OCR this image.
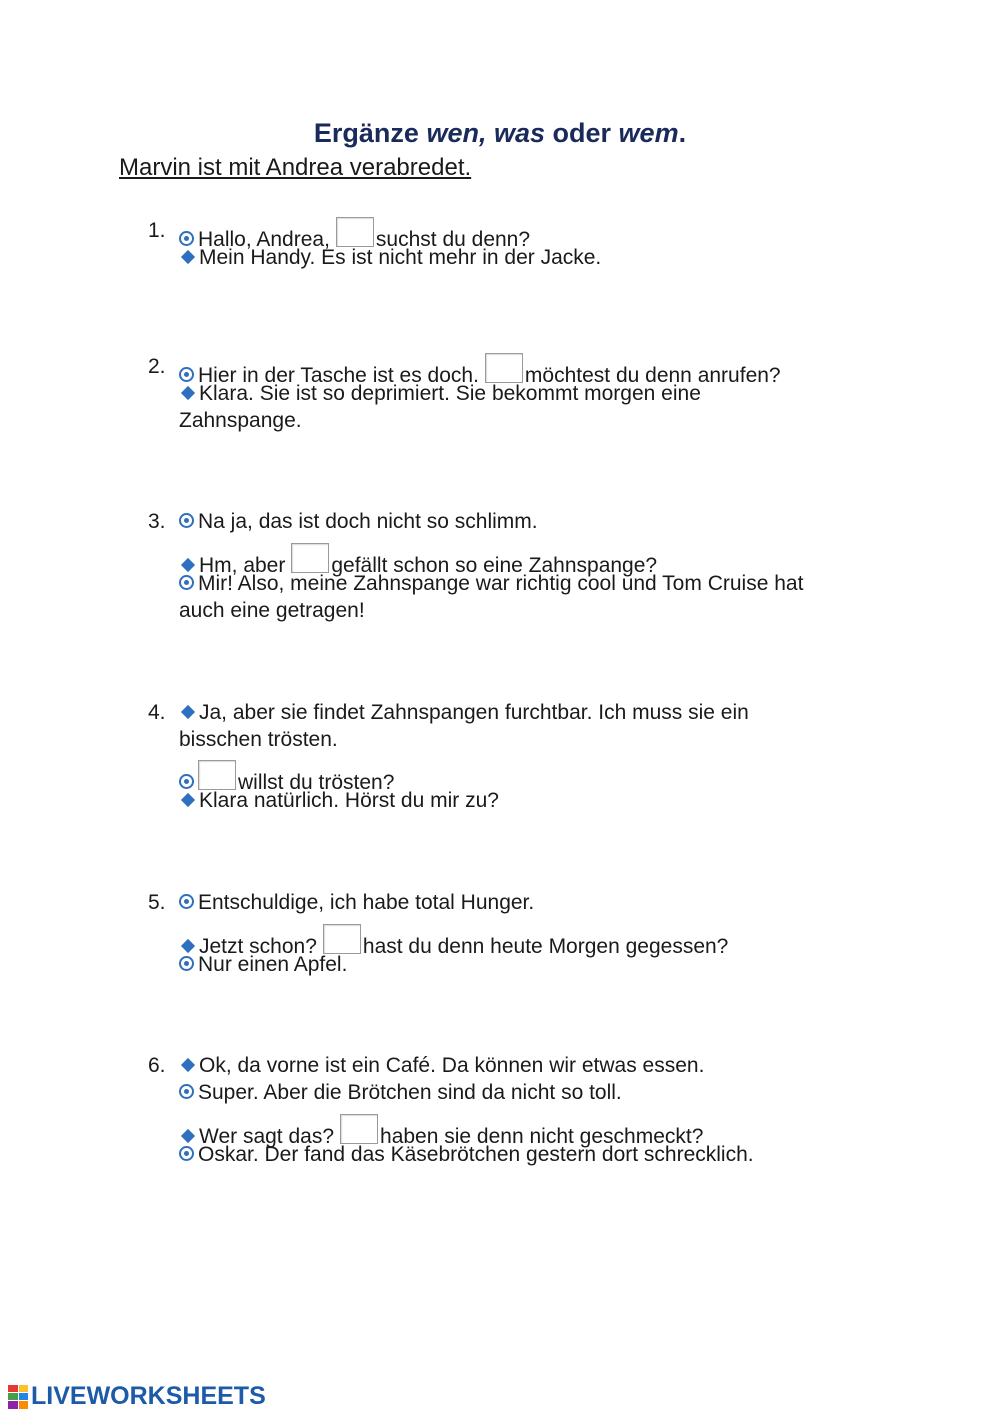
Ergänze wen, was oder wem.
Marvin ist mit Andrea verabredet.
1. Hallo, Andrea, suchst du denn?
Mein Handy. Es ist nicht mehr in der Jacke.
2. Hier in der Tasche ist es doch. möchtest du denn anrufen?
Klara. Sie ist so deprimiert. Sie bekommt morgen eine
Zahnspange.
3. Na ja, das ist doch nicht so schlimm.
Hm, aber gefällt schon so eine Zahnspange?
Mir! Also, meine Zahnspange war richtig cool und Tom Cruise hat
auch eine getragen!
4. Ja, aber sie findet Zahnspangen furchtbar. Ich muss sie ein
bisschen trösten.
willst du trösten?
Klara natürlich. Hörst du mir zu?
5. Entschuldige, ich habe total Hunger.
Jetzt schon? hast du denn heute Morgen gegessen?
Nur einen Apfel.
6. Ok, da vorne ist ein Café. Da können wir etwas essen.
Super. Aber die Brötchen sind da nicht so toll.
Wer sagt das? haben sie denn nicht geschmeckt?
Oskar. Der fand das Käsebrötchen gestern dort schrecklich.
LIVEWORKSHEETS
